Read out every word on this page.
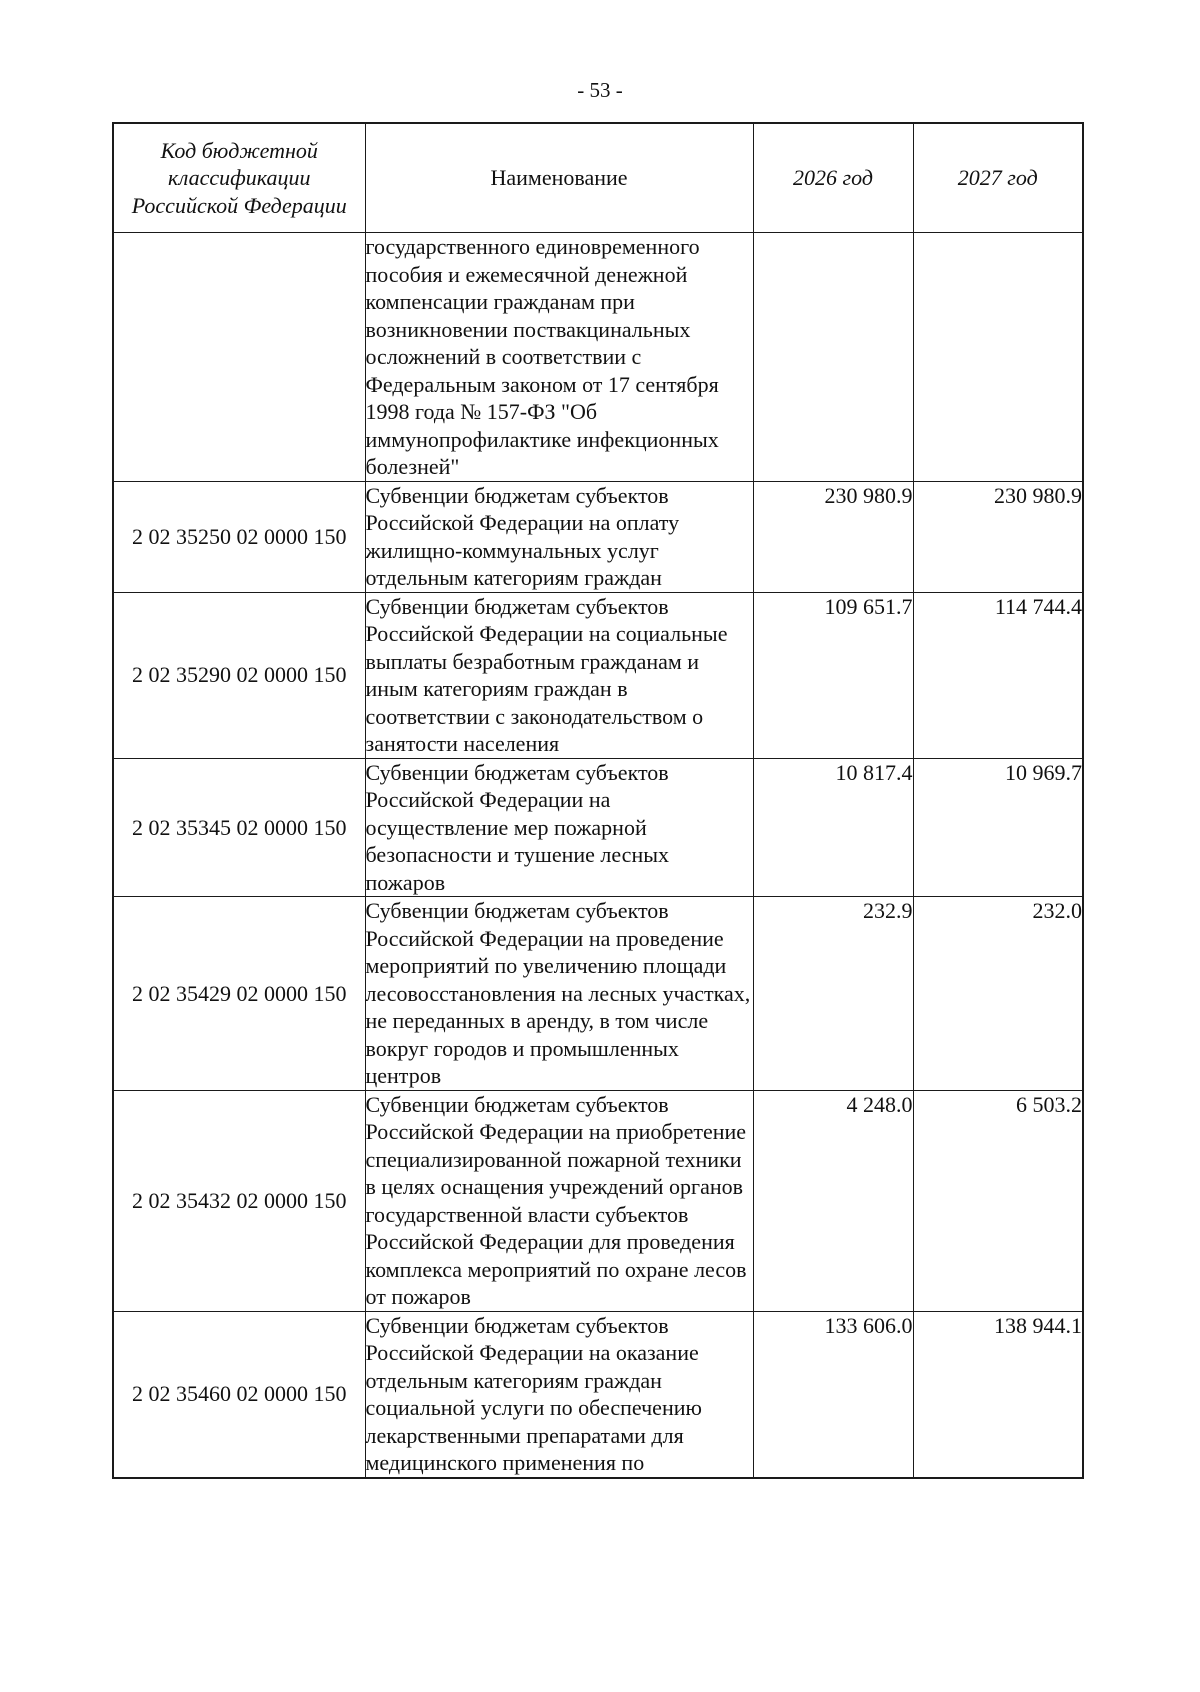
- 53 -
Код бюджетной классификации Российской Федерации	Наименование	2026 год	2027 год
	государственного единовременного пособия и ежемесячной денежной компенсации гражданам при возникновении поствакцинальных осложнений в соответствии с Федеральным законом от 17 сентября 1998 года № 157-ФЗ "Об иммунопрофилактике инфекционных болезней"		
2 02 35250 02 0000 150	Субвенции бюджетам субъектов Российской Федерации на оплату жилищно-коммунальных услуг отдельным категориям граждан	230 980.9	230 980.9
2 02 35290 02 0000 150	Субвенции бюджетам субъектов Российской Федерации на социальные выплаты безработным гражданам и иным категориям граждан в соответствии с законодательством о занятости населения	109 651.7	114 744.4
2 02 35345 02 0000 150	Субвенции бюджетам субъектов Российской Федерации на осуществление мер пожарной безопасности и тушение лесных пожаров	10 817.4	10 969.7
2 02 35429 02 0000 150	Субвенции бюджетам субъектов Российской Федерации на проведение мероприятий по увеличению площади лесовосстановления на лесных участках, не переданных в аренду, в том числе вокруг городов и промышленных центров	232.9	232.0
2 02 35432 02 0000 150	Субвенции бюджетам субъектов Российской Федерации на приобретение специализированной пожарной техники в целях оснащения учреждений органов государственной власти субъектов Российской Федерации для проведения комплекса мероприятий по охране лесов от пожаров	4 248.0	6 503.2
2 02 35460 02 0000 150	Субвенции бюджетам субъектов Российской Федерации на оказание отдельным категориям граждан социальной услуги по обеспечению лекарственными препаратами для медицинского применения по	133 606.0	138 944.1
